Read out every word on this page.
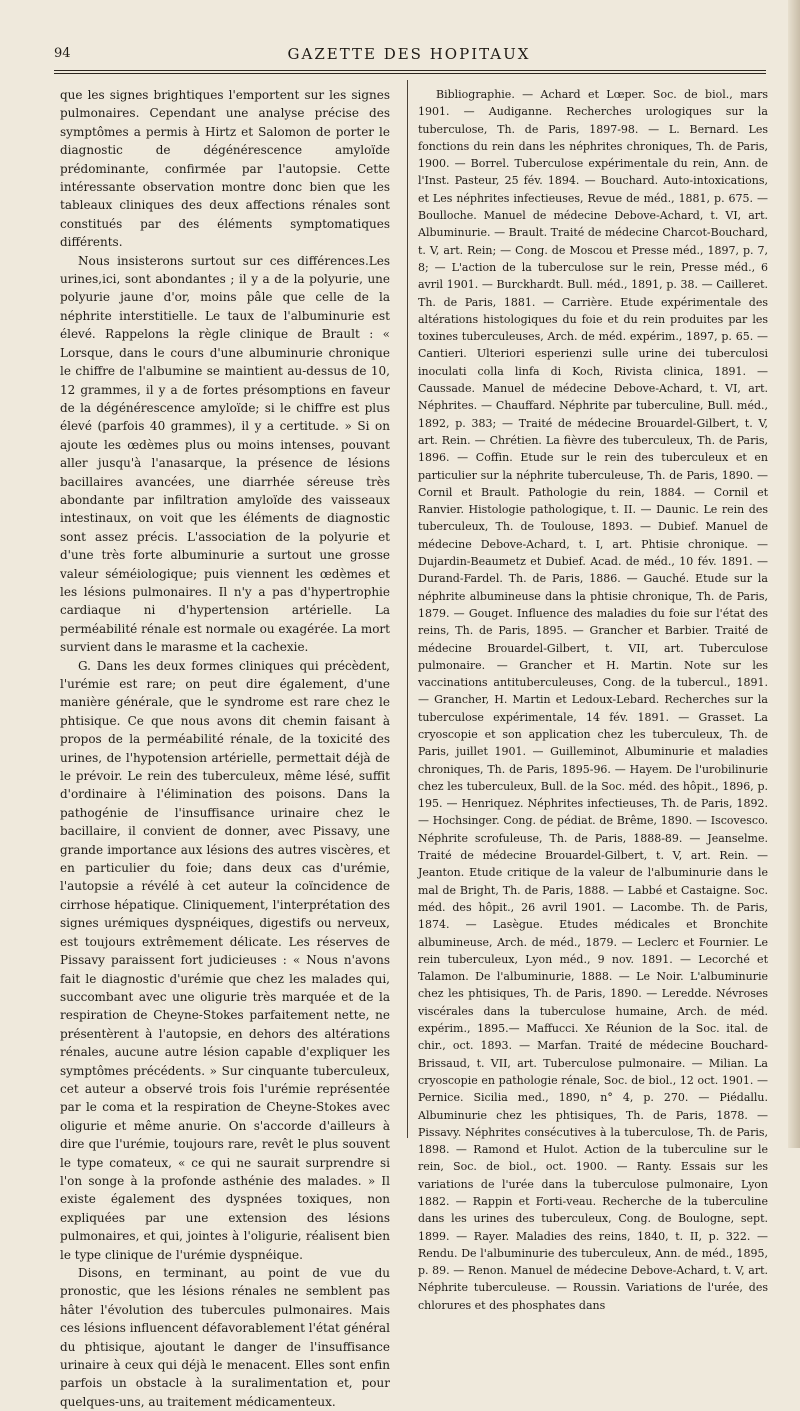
94	GAZETTE DES HOPITAUX

que les signes brightiques l'emportent sur les signes pulmonaires. Cependant une analyse précise des symptômes a permis à Hirtz et Salomon de porter le diagnostic de dégénérescence amyloïde prédominante, confirmée par l'autopsie. Cette intéressante observation montre donc bien que les tableaux cliniques des deux affections rénales sont constitués par des éléments symptomatiques différents.

Nous insisterons surtout sur ces différences.Les urines,ici, sont abondantes ; il y a de la polyurie, une polyurie jaune d'or, moins pâle que celle de la néphrite interstitielle. Le taux de l'albuminurie est élevé. Rappelons la règle clinique de Brault : « Lorsque, dans le cours d'une albuminurie chronique le chiffre de l'albumine se maintient au-dessus de 10, 12 grammes, il y a de fortes présomptions en faveur de la dégénérescence amyloïde; si le chiffre est plus élevé (parfois 40 grammes), il y a certitude. » Si on ajoute les œdèmes plus ou moins intenses, pouvant aller jusqu'à l'anasarque, la présence de lésions bacillaires avancées, une diarrhée séreuse très abondante par infiltration amyloïde des vaisseaux intestinaux, on voit que les éléments de diagnostic sont assez précis. L'association de la polyurie et d'une très forte albuminurie a surtout une grosse valeur séméiologique; puis viennent les œdèmes et les lésions pulmonaires. Il n'y a pas d'hypertrophie cardiaque ni d'hypertension artérielle. La perméabilité rénale est normale ou exagérée. La mort survient dans le marasme et la cachexie.

G. Dans les deux formes cliniques qui précèdent, l'urémie est rare; on peut dire également, d'une manière générale, que le syndrome est rare chez le phtisique. Ce que nous avons dit chemin faisant à propos de la perméabilité rénale, de la toxicité des urines, de l'hypotension artérielle, permettait déjà de le prévoir. Le rein des tuberculeux, même lésé, suffit d'ordinaire à l'élimination des poisons. Dans la pathogénie de l'insuffisance urinaire chez le bacillaire, il convient de donner, avec Pissavy, une grande importance aux lésions des autres viscères, et en particulier du foie; dans deux cas d'urémie, l'autopsie a révélé à cet auteur la coïncidence de cirrhose hépatique. Cliniquement, l'interprétation des signes urémiques dyspnéiques, digestifs ou nerveux, est toujours extrêmement délicate. Les réserves de Pissavy paraissent fort judicieuses : « Nous n'avons fait le diagnostic d'urémie que chez les malades qui, succombant avec une oligurie très marquée et de la respiration de Cheyne-Stokes parfaitement nette, ne présentèrent à l'autopsie, en dehors des altérations rénales, aucune autre lésion capable d'expliquer les symptômes précédents. » Sur cinquante tuberculeux, cet auteur a observé trois fois l'urémie représentée par le coma et la respiration de Cheyne-Stokes avec oligurie et même anurie. On s'accorde d'ailleurs à dire que l'urémie, toujours rare, revêt le plus souvent le type comateux, « ce qui ne saurait surprendre si l'on songe à la profonde asthénie des malades. » Il existe également des dyspnées toxiques, non expliquées par une extension des lésions pulmonaires, et qui, jointes à l'oligurie, réalisent bien le type clinique de l'urémie dyspnéique.

Disons, en terminant, au point de vue du pronostic, que les lésions rénales ne semblent pas hâter l'évolution des tubercules pulmonaires. Mais ces lésions influencent défavorablement l'état général du phtisique, ajoutant le danger de l'insuffisance urinaire à ceux qui déjà le menacent. Elles sont enfin parfois un obstacle à la suralimentation et, pour quelques-uns, au traitement médicamenteux.

Bibliographie. — Achard et Lœper. Soc. de biol., mars 1901. — Audiganne. Recherches urologiques sur la tuberculose, Th. de Paris, 1897-98. — L. Bernard. Les fonctions du rein dans les néphrites chroniques, Th. de Paris, 1900. — Borrel. Tuberculose expérimentale du rein, Ann. de l'Inst. Pasteur, 25 fév. 1894. — Bouchard. Auto-intoxications, et Les néphrites infectieuses, Revue de méd., 1881, p. 675. — Boulloche. Manuel de médecine Debove-Achard, t. VI, art. Albuminurie. — Brault. Traité de médecine Charcot-Bouchard, t. V, art. Rein; — Cong. de Moscou et Presse méd., 1897, p. 7, 8; — L'action de la tuberculose sur le rein, Presse méd., 6 avril 1901. — Burckhardt. Bull. méd., 1891, p. 38. — Cailleret. Th. de Paris, 1881. — Carrière. Etude expérimentale des altérations histologiques du foie et du rein produites par les toxines tuberculeuses, Arch. de méd. expérim., 1897, p. 65. — Cantieri. Ulteriori esperienzi sulle urine dei tuberculosi inoculati colla linfa di Koch, Rivista clinica, 1891. — Caussade. Manuel de médecine Debove-Achard, t. VI, art. Néphrites. — Chauffard. Néphrite par tuberculine, Bull. méd., 1892, p. 383; — Traité de médecine Brouardel-Gilbert, t. V, art. Rein. — Chrétien. La fièvre des tuberculeux, Th. de Paris, 1896. — Coffin. Etude sur le rein des tuberculeux et en particulier sur la néphrite tuberculeuse, Th. de Paris, 1890. — Cornil et Brault. Pathologie du rein, 1884. — Cornil et Ranvier. Histologie pathologique, t. II. — Daunic. Le rein des tuberculeux, Th. de Toulouse, 1893. — Dubief. Manuel de médecine Debove-Achard, t. I, art. Phtisie chronique. — Dujardin-Beaumetz et Dubief. Acad. de méd., 10 fév. 1891. — Durand-Fardel. Th. de Paris, 1886. — Gauché. Etude sur la néphrite albumineuse dans la phtisie chronique, Th. de Paris, 1879. — Gouget. Influence des maladies du foie sur l'état des reins, Th. de Paris, 1895. — Grancher et Barbier. Traité de médecine Brouardel-Gilbert, t. VII, art. Tuberculose pulmonaire. — Grancher et H. Martin. Note sur les vaccinations antituberculeuses, Cong. de la tubercul., 1891. — Grancher, H. Martin et Ledoux-Lebard. Recherches sur la tuberculose expérimentale, 14 fév. 1891. — Grasset. La cryoscopie et son application chez les tuberculeux, Th. de Paris, juillet 1901. — Guilleminot, Albuminurie et maladies chroniques, Th. de Paris, 1895-96. — Hayem. De l'urobilinurie chez les tuberculeux, Bull. de la Soc. méd. des hôpit., 1896, p. 195. — Henriquez. Néphrites infectieuses, Th. de Paris, 1892. — Hochsinger. Cong. de pédiat. de Brême, 1890. — Iscovesco. Néphrite scrofuleuse, Th. de Paris, 1888-89. — Jeanselme. Traité de médecine Brouardel-Gilbert, t. V, art. Rein. — Jeanton. Etude critique de la valeur de l'albuminurie dans le mal de Bright, Th. de Paris, 1888. — Labbé et Castaigne. Soc. méd. des hôpit., 26 avril 1901. — Lacombe. Th. de Paris, 1874. — Lasègue. Etudes médicales et Bronchite albumineuse, Arch. de méd., 1879. — Leclerc et Fournier. Le rein tuberculeux, Lyon méd., 9 nov. 1891. — Lecorché et Talamon. De l'albuminurie, 1888. — Le Noir. L'albuminurie chez les phtisiques, Th. de Paris, 1890. — Leredde. Névroses viscérales dans la tuberculose humaine, Arch. de méd. expérim., 1895.— Maffucci. Xe Réunion de la Soc. ital. de chir., oct. 1893. — Marfan. Traité de médecine Bouchard-Brissaud, t. VII, art. Tuberculose pulmonaire. — Milian. La cryoscopie en pathologie rénale, Soc. de biol., 12 oct. 1901. — Pernice. Sicilia med., 1890, n° 4, p. 270. — Piédallu. Albuminurie chez les phtisiques, Th. de Paris, 1878. — Pissavy. Néphrites consécutives à la tuberculose, Th. de Paris, 1898. — Ramond et Hulot. Action de la tuberculine sur le rein, Soc. de biol., oct. 1900. — Ranty. Essais sur les variations de l'urée dans la tuberculose pulmonaire, Lyon 1882. — Rappin et Forti-veau. Recherche de la tuberculine dans les urines des tuberculeux, Cong. de Boulogne, sept. 1899. — Rayer. Maladies des reins, 1840, t. II, p. 322. — Rendu. De l'albuminurie des tuberculeux, Ann. de méd., 1895, p. 89. — Renon. Manuel de médecine Debove-Achard, t. V, art. Néphrite tuberculeuse. — Roussin. Variations de l'urée, des chlorures et des phosphates dans
